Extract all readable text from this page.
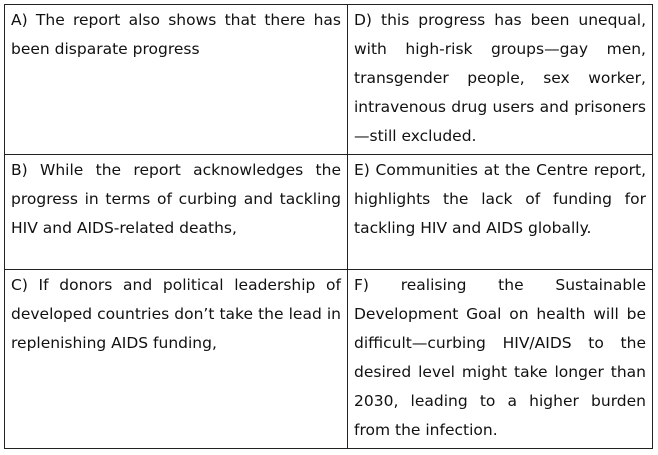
A) The report also shows that there has been disparate progress	D) this progress has been unequal, with high-risk groups—gay men, transgender people, sex worker, intravenous drug users and prisoners—still excluded.
B) While the report acknowledges the progress in terms of curbing and tackling HIV and AIDS-related deaths,	E) Communities at the Centre report, highlights the lack of funding for tackling HIV and AIDS globally.
C) If donors and political leadership of developed countries don’t take the lead in replenishing AIDS funding,	F) realising the Sustainable Development Goal on health will be difficult—curbing HIV/AIDS to the desired level might take longer than 2030, leading to a higher burden from the infection.
